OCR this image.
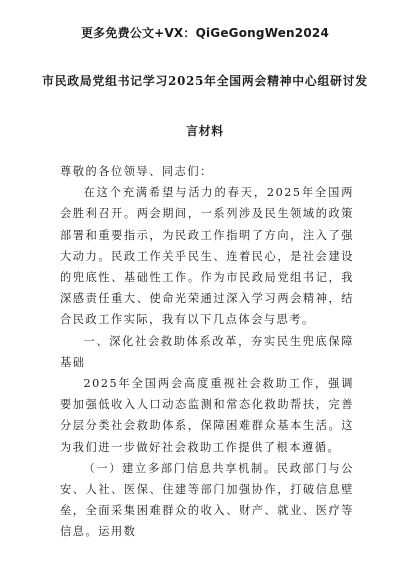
更多免费公文+VX：QiGeGongWen2024
市民政局党组书记学习2025年全国两会精神中心组研讨发
言材料

尊敬的各位领导、同志们：

在这个充满希望与活力的春天，2025年全国两会胜利召开。两会期间，一系列涉及民生领域的政策部署和重要指示，为民政工作指明了方向，注入了强大动力。民政工作关乎民生、连着民心，是社会建设的兜底性、基础性工作。作为市民政局党组书记，我深感责任重大、使命光荣通过深入学习两会精神，结合民政工作实际，我有以下几点体会与思考。

一、深化社会救助体系改革，夯实民生兜底保障基础

2025年全国两会高度重视社会救助工作，强调要加强低收入人口动态监测和常态化救助帮扶，完善分层分类社会救助体系，保障困难群众基本生活。这为我们进一步做好社会救助工作提供了根本遵循。

（一）建立多部门信息共享机制。民政部门与公安、人社、医保、住建等部门加强协作，打破信息壁垒，全面采集困难群众的收入、财产、就业、医疗等信息。运用数
